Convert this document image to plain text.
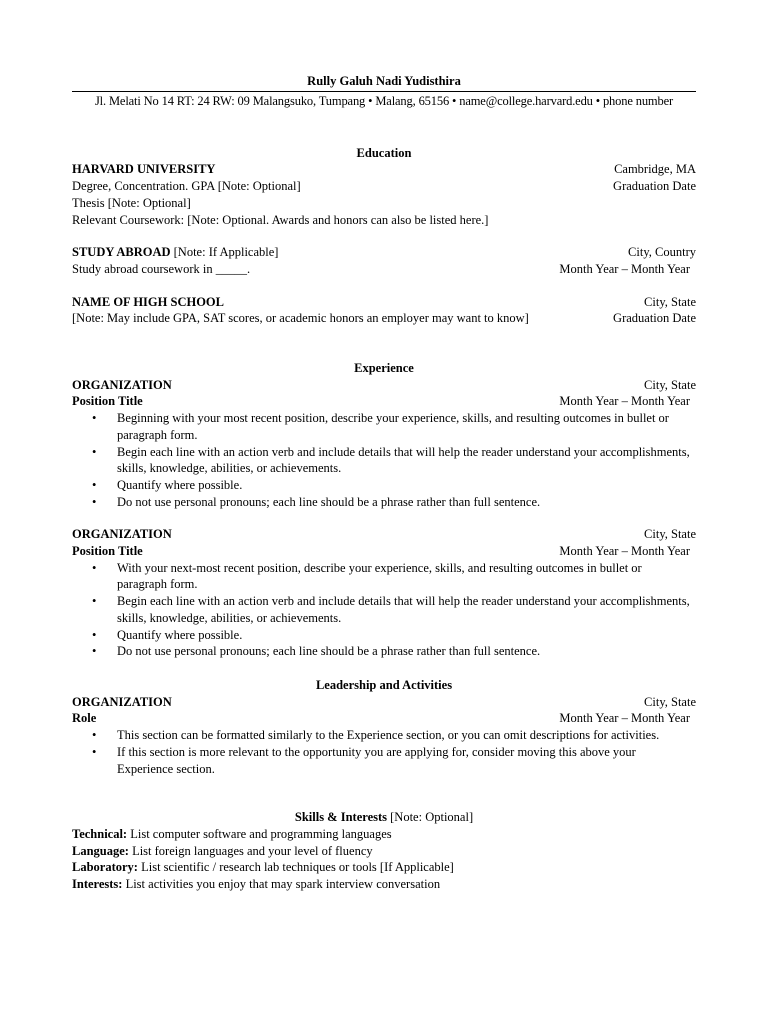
Rully Galuh Nadi Yudisthira
Jl. Melati No 14 RT: 24 RW: 09 Malangsuko, Tumpang • Malang, 65156 • name@college.harvard.edu • phone number
Education
HARVARD UNIVERSITY	Cambridge, MA
Degree, Concentration. GPA [Note: Optional]	Graduation Date
Thesis [Note: Optional]
Relevant Coursework: [Note: Optional. Awards and honors can also be listed here.]
STUDY ABROAD [Note: If Applicable]	City, Country
Study abroad coursework in _____.	Month Year – Month Year
NAME OF HIGH SCHOOL	City, State
[Note: May include GPA, SAT scores, or academic honors an employer may want to know]	Graduation Date
Experience
ORGANIZATION	City, State
Position Title	Month Year – Month Year
• Beginning with your most recent position, describe your experience, skills, and resulting outcomes in bullet or paragraph form.
• Begin each line with an action verb and include details that will help the reader understand your accomplishments, skills, knowledge, abilities, or achievements.
• Quantify where possible.
• Do not use personal pronouns; each line should be a phrase rather than full sentence.
ORGANIZATION	City, State
Position Title	Month Year – Month Year
• With your next-most recent position, describe your experience, skills, and resulting outcomes in bullet or paragraph form.
• Begin each line with an action verb and include details that will help the reader understand your accomplishments, skills, knowledge, abilities, or achievements.
• Quantify where possible.
• Do not use personal pronouns; each line should be a phrase rather than full sentence.
Leadership and Activities
ORGANIZATION	City, State
Role	Month Year – Month Year
• This section can be formatted similarly to the Experience section, or you can omit descriptions for activities.
• If this section is more relevant to the opportunity you are applying for, consider moving this above your Experience section.
Skills & Interests [Note: Optional]
Technical: List computer software and programming languages
Language: List foreign languages and your level of fluency
Laboratory: List scientific / research lab techniques or tools [If Applicable]
Interests: List activities you enjoy that may spark interview conversation
